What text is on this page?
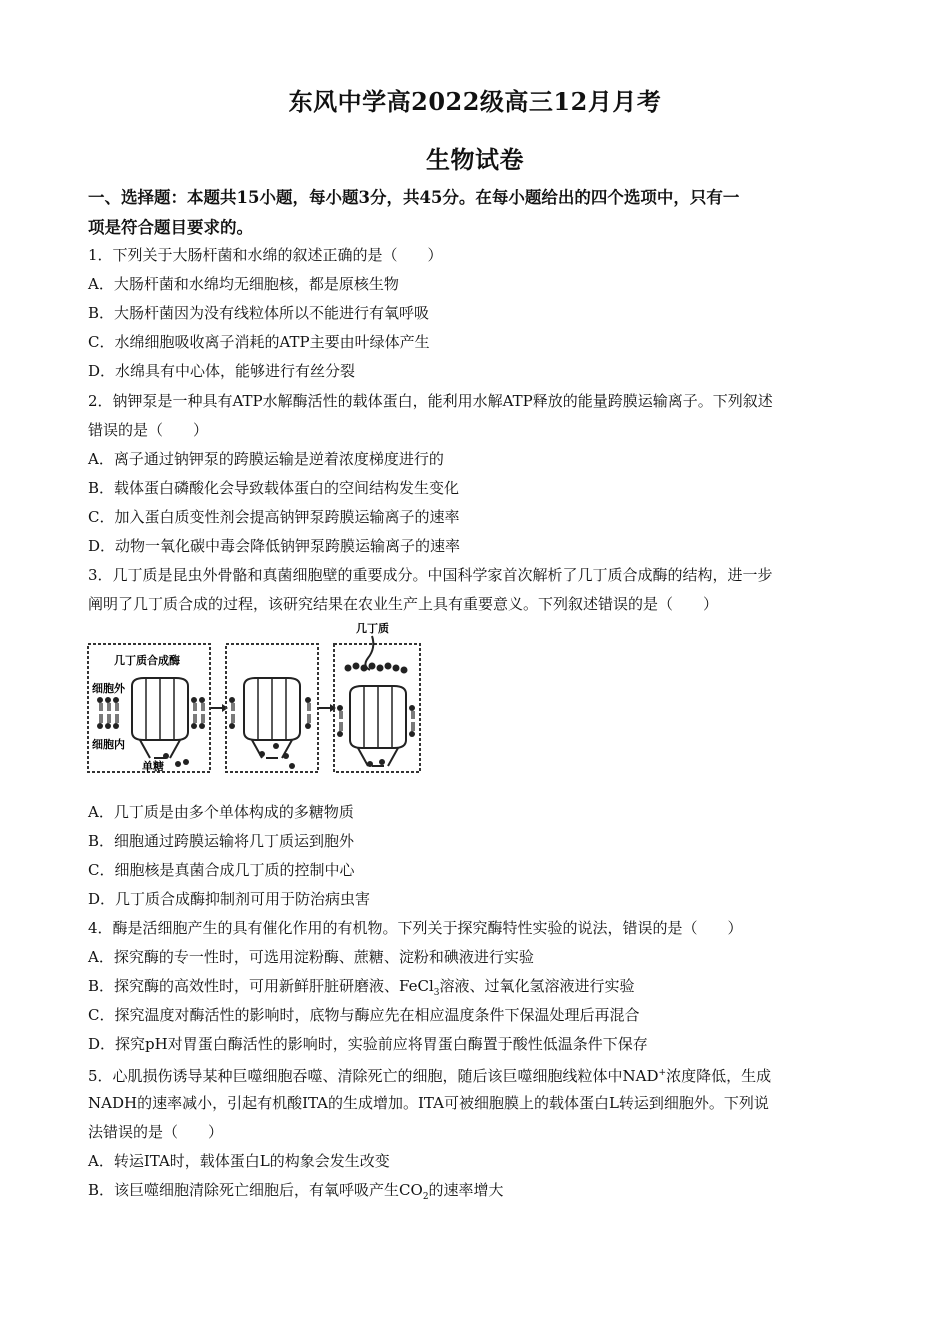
东风中学高2022级高三12月月考
生物试卷
一、选择题：本题共15小题，每小题3分，共45分。在每小题给出的四个选项中，只有一
项是符合题目要求的。
1．下列关于大肠杆菌和水绵的叙述正确的是（　　）
A．大肠杆菌和水绵均无细胞核，都是原核生物
B．大肠杆菌因为没有线粒体所以不能进行有氧呼吸
C．水绵细胞吸收离子消耗的ATP主要由叶绿体产生
D．水绵具有中心体，能够进行有丝分裂
2．钠钾泵是一种具有ATP水解酶活性的载体蛋白，能利用水解ATP释放的能量跨膜运输离子。下列叙述
错误的是（　　）
A．离子通过钠钾泵的跨膜运输是逆着浓度梯度进行的
B．载体蛋白磷酸化会导致载体蛋白的空间结构发生变化
C．加入蛋白质变性剂会提高钠钾泵跨膜运输离子的速率
D．动物一氧化碳中毒会降低钠钾泵跨膜运输离子的速率
3．几丁质是昆虫外骨骼和真菌细胞壁的重要成分。中国科学家首次解析了几丁质合成酶的结构，进一步
阐明了几丁质合成的过程，该研究结果在农业生产上具有重要意义。下列叙述错误的是（　　）
几丁质合成酶
细胞外
细胞内
单糖
几丁质
A．几丁质是由多个单体构成的多糖物质
B．细胞通过跨膜运输将几丁质运到胞外
C．细胞核是真菌合成几丁质的控制中心
D．几丁质合成酶抑制剂可用于防治病虫害
4．酶是活细胞产生的具有催化作用的有机物。下列关于探究酶特性实验的说法，错误的是（　　）
A．探究酶的专一性时，可选用淀粉酶、蔗糖、淀粉和碘液进行实验
B．探究酶的高效性时，可用新鲜肝脏研磨液、FeCl$_3$溶液、过氧化氢溶液进行实验
C．探究温度对酶活性的影响时，底物与酶应先在相应温度条件下保温处理后再混合
D．探究pH对胃蛋白酶活性的影响时，实验前应将胃蛋白酶置于酸性低温条件下保存
5．心肌损伤诱导某种巨噬细胞吞噬、清除死亡的细胞，随后该巨噬细胞线粒体中NAD+浓度降低，生成
NADH的速率减小，引起有机酸ITA的生成增加。ITA可被细胞膜上的载体蛋白L转运到细胞外。下列说
法错误的是（　　）
A．转运ITA时，载体蛋白L的构象会发生改变
B．该巨噬细胞清除死亡细胞后，有氧呼吸产生$CO_2$的速率增大
